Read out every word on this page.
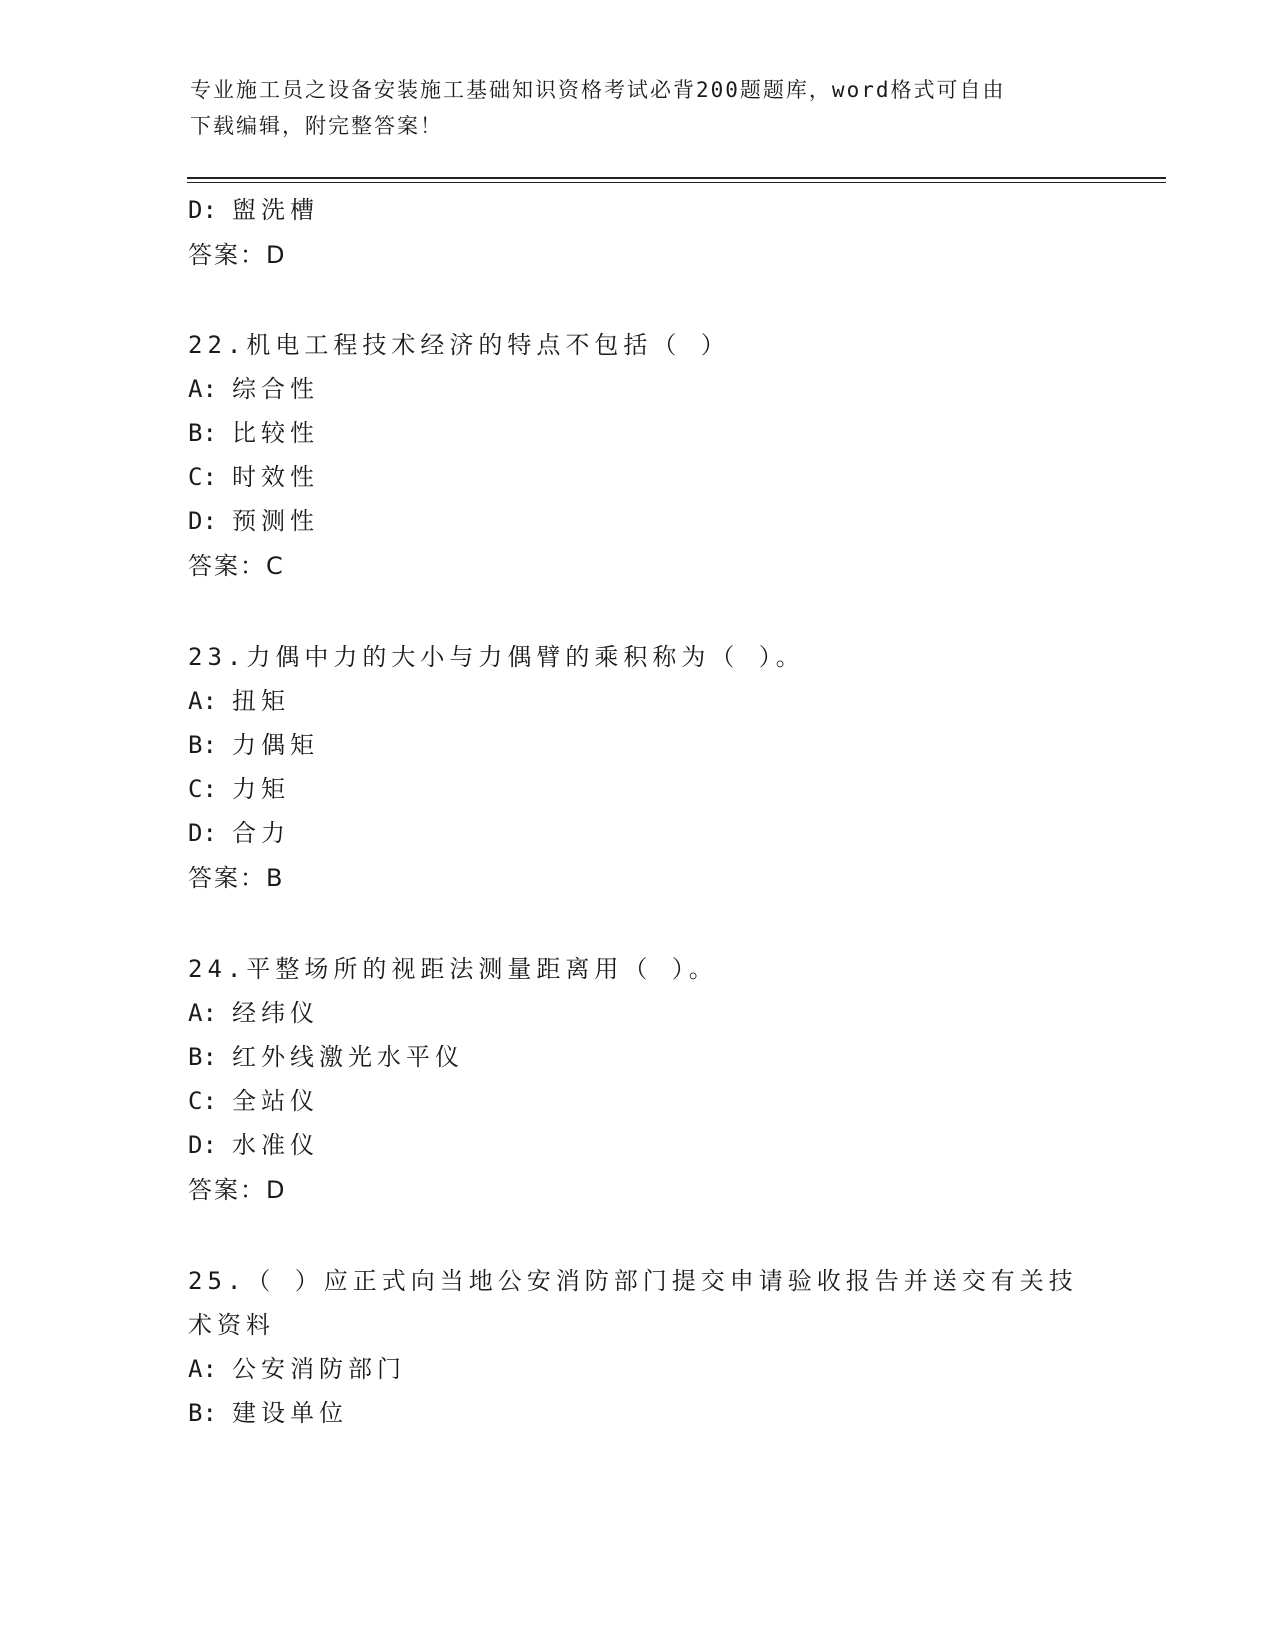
专业施工员之设备安装施工基础知识资格考试必背200题题库，word格式可自由
下载编辑，附完整答案！
D: 盥洗槽
答案：D
22.机电工程技术经济的特点不包括（ ）
A: 综合性
B: 比较性
C: 时效性
D: 预测性
答案：C
23.力偶中力的大小与力偶臂的乘积称为（ ）。
A: 扭矩
B: 力偶矩
C: 力矩
D: 合力
答案：B
24.平整场所的视距法测量距离用（ ）。
A: 经纬仪
B: 红外线激光水平仪
C: 全站仪
D: 水准仪
答案：D
25.（ ）应正式向当地公安消防部门提交申请验收报告并送交有关技
术资料
A: 公安消防部门
B: 建设单位
